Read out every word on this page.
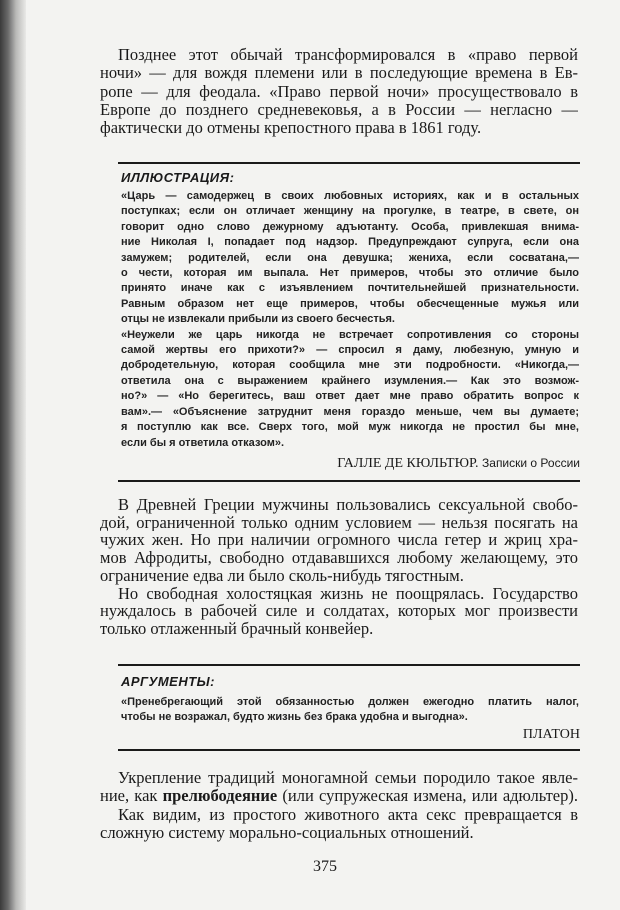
Позднее этот обычай трансформировался в «право первой
ночи» — для вождя племени или в последующие времена в Ев-
ропе — для феодала. «Право первой ночи» просуществовало в
Европе до позднего средневековья, а в России — негласно —
фактически до отмены крепостного права в 1861 году.
ИЛЛЮСТРАЦИЯ:
«Царь — самодержец в своих любовных историях, как и в остальных
поступках; если он отличает женщину на прогулке, в театре, в свете, он
говорит одно слово дежурному адъютанту. Особа, привлекшая внима-
ние Николая I, попадает под надзор. Предупреждают супруга, если она
замужем; родителей, если она девушка; жениха, если сосватана,—
о чести, которая им выпала. Нет примеров, чтобы это отличие было
принято иначе как с изъявлением почтительнейшей признательности.
Равным образом нет еще примеров, чтобы обесчещенные мужья или
отцы не извлекали прибыли из своего бесчестья.
«Неужели же царь никогда не встречает сопротивления со стороны
самой жертвы его прихоти?» — спросил я даму, любезную, умную и
добродетельную, которая сообщила мне эти подробности. «Никогда,—
ответила она с выражением крайнего изумления.— Как это возмож-
но?» — «Но берегитесь, ваш ответ дает мне право обратить вопрос к
вам».— «Объяснение затруднит меня гораздо меньше, чем вы думаете;
я поступлю как все. Сверх того, мой муж никогда не простил бы мне,
если бы я ответила отказом».
ГАЛЛЕ ДЕ КЮЛЬТЮР. Записки о России
В Древней Греции мужчины пользовались сексуальной свобо-
дой, ограниченной только одним условием — нельзя посягать на
чужих жен. Но при наличии огромного числа гетер и жриц хра-
мов Афродиты, свободно отдававшихся любому желающему, это
ограничение едва ли было сколь-нибудь тягостным.
Но свободная холостяцкая жизнь не поощрялась. Государство
нуждалось в рабочей силе и солдатах, которых мог произвести
только отлаженный брачный конвейер.
АРГУМЕНТЫ:
«Пренебрегающий этой обязанностью должен ежегодно платить налог,
чтобы не возражал, будто жизнь без брака удобна и выгодна».
ПЛАТОН
Укрепление традиций моногамной семьи породило такое явле-
ние, как прелюбодеяние (или супружеская измена, или адюльтер).
Как видим, из простого животного акта секс превращается в
сложную систему морально-социальных отношений.
375
